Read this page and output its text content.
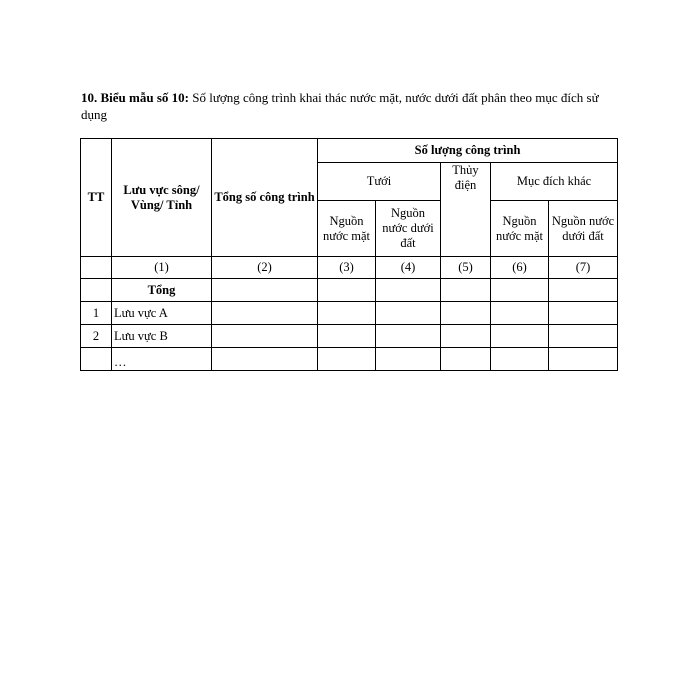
10. Biểu mẫu số 10: Số lượng công trình khai thác nước mặt, nước dưới đất phân theo mục đích sử dụng
TT	Lưu vực sông/ Vùng/ Tỉnh	Tổng số công trình	Số lượng công trình				
			Tưới		Thủy điện	Mục đích khác	
			Nguồn nước mặt	Nguồn nước dưới đất		Nguồn nước mặt	Nguồn nước dưới đất
	(1)	(2)	(3)	(4)	(5)	(6)	(7)
	Tổng						
1	Lưu vực A						
2	Lưu vực B						
	…						
